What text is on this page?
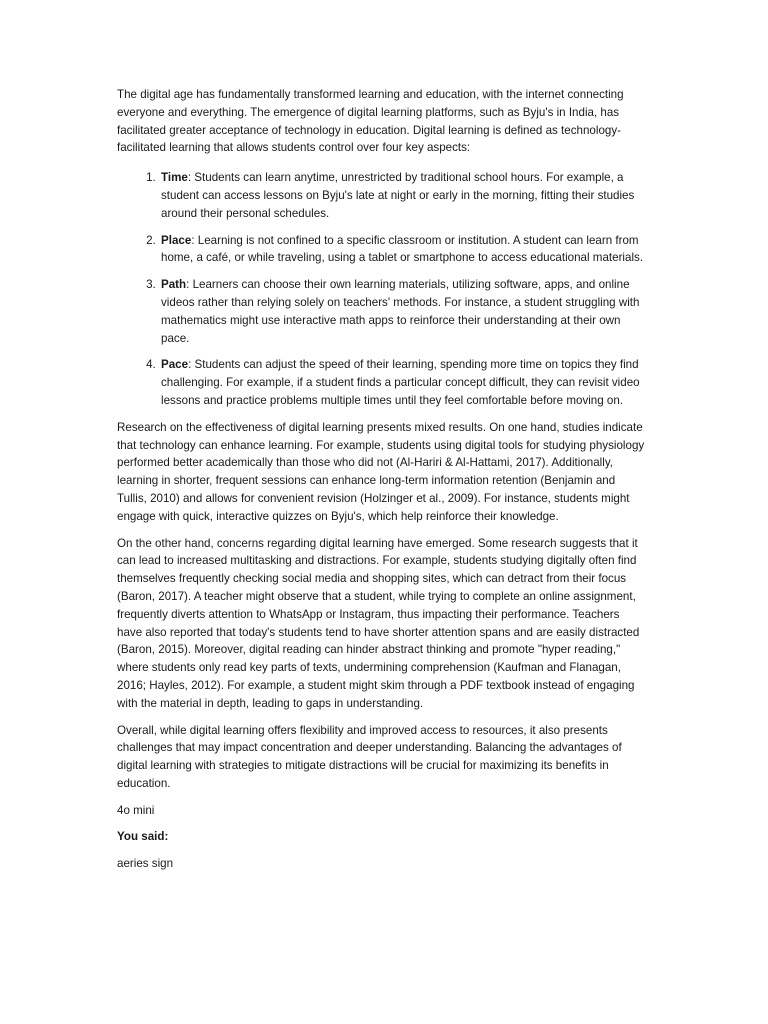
The digital age has fundamentally transformed learning and education, with the internet connecting everyone and everything. The emergence of digital learning platforms, such as Byju's in India, has facilitated greater acceptance of technology in education. Digital learning is defined as technology-facilitated learning that allows students control over four key aspects:

1. Time: Students can learn anytime, unrestricted by traditional school hours. For example, a student can access lessons on Byju's late at night or early in the morning, fitting their studies around their personal schedules.
2. Place: Learning is not confined to a specific classroom or institution. A student can learn from home, a café, or while traveling, using a tablet or smartphone to access educational materials.
3. Path: Learners can choose their own learning materials, utilizing software, apps, and online videos rather than relying solely on teachers' methods. For instance, a student struggling with mathematics might use interactive math apps to reinforce their understanding at their own pace.
4. Pace: Students can adjust the speed of their learning, spending more time on topics they find challenging. For example, if a student finds a particular concept difficult, they can revisit video lessons and practice problems multiple times until they feel comfortable before moving on.

Research on the effectiveness of digital learning presents mixed results. On one hand, studies indicate that technology can enhance learning. For example, students using digital tools for studying physiology performed better academically than those who did not (Al-Hariri & Al-Hattami, 2017). Additionally, learning in shorter, frequent sessions can enhance long-term information retention (Benjamin and Tullis, 2010) and allows for convenient revision (Holzinger et al., 2009). For instance, students might engage with quick, interactive quizzes on Byju's, which help reinforce their knowledge.

On the other hand, concerns regarding digital learning have emerged. Some research suggests that it can lead to increased multitasking and distractions. For example, students studying digitally often find themselves frequently checking social media and shopping sites, which can detract from their focus (Baron, 2017). A teacher might observe that a student, while trying to complete an online assignment, frequently diverts attention to WhatsApp or Instagram, thus impacting their performance. Teachers have also reported that today's students tend to have shorter attention spans and are easily distracted (Baron, 2015). Moreover, digital reading can hinder abstract thinking and promote "hyper reading," where students only read key parts of texts, undermining comprehension (Kaufman and Flanagan, 2016; Hayles, 2012). For example, a student might skim through a PDF textbook instead of engaging with the material in depth, leading to gaps in understanding.

Overall, while digital learning offers flexibility and improved access to resources, it also presents challenges that may impact concentration and deeper understanding. Balancing the advantages of digital learning with strategies to mitigate distractions will be crucial for maximizing its benefits in education.

4o mini

You said:

aeries sign
